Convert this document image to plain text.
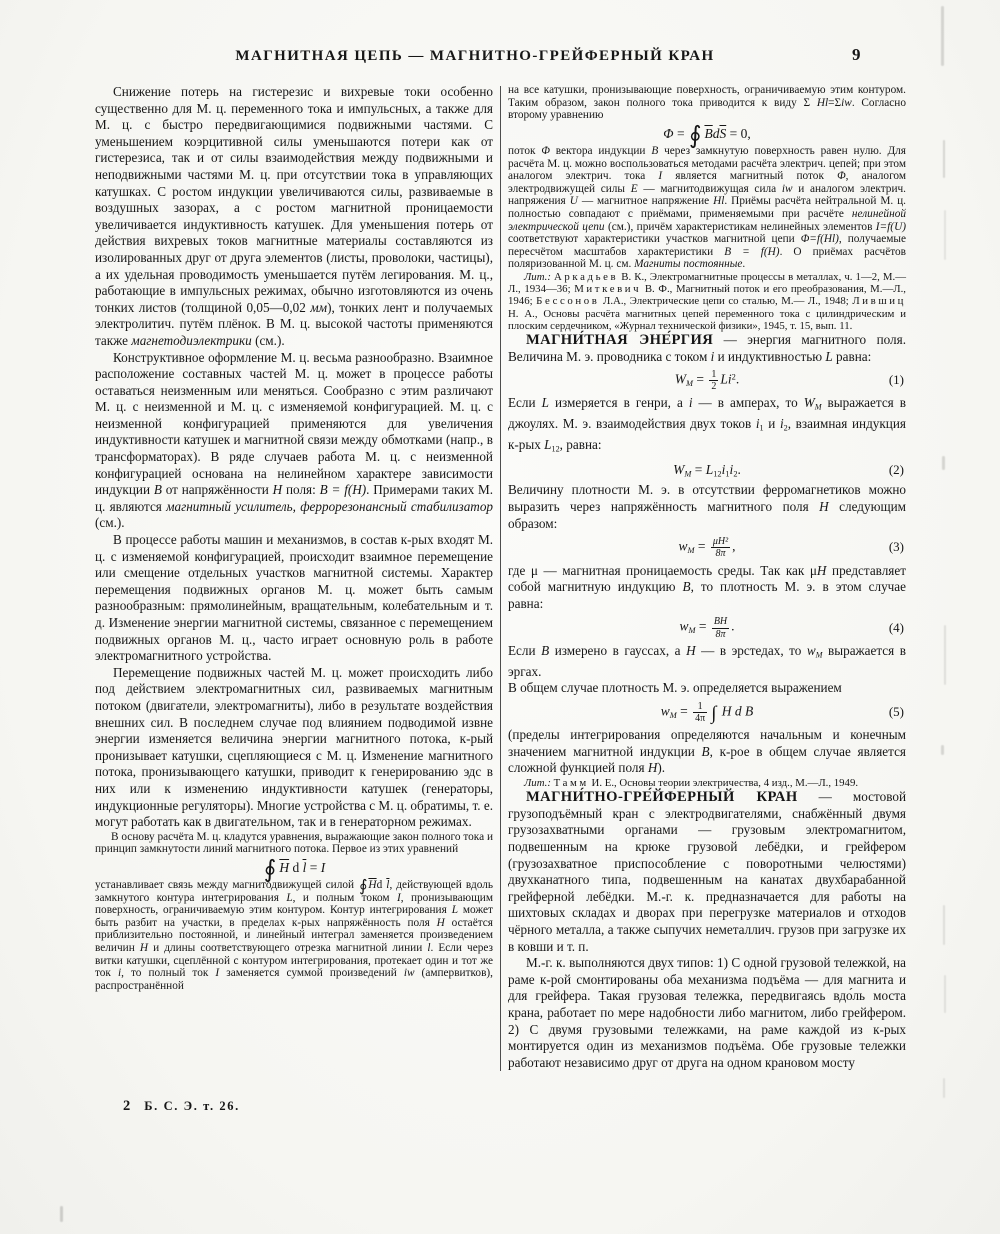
МАГНИТНАЯ ЦЕПЬ — МАГНИТНО-ГРЕЙФЕРНЫЙ КРАН	9
Снижение потерь на гистерезис и вихревые токи особенно существенно для М. ц. переменного тока и импульсных, а также для М. ц. с быстро передвигающимися подвижными частями. С уменьшением коэрцитивной силы уменьшаются потери как от гистерезиса, так и от силы взаимодействия между подвижными и неподвижными частями М. ц. при отсутствии тока в управляющих катушках. С ростом индукции увеличиваются силы, развиваемые в воздушных зазорах, а с ростом магнитной проницаемости увеличивается индуктивность катушек. Для уменьшения потерь от действия вихревых токов магнитные материалы составляются из изолированных друг от друга элементов (листы, проволоки, частицы), а их удельная проводимость уменьшается путём легирования. М. ц., работающие в импульсных режимах, обычно изготовляются из очень тонких листов (толщиной 0,05—0,02 мм), тонких лент и получаемых электролитич. путём плёнок. В М. ц. высокой частоты применяются также магнетодиэлектрики (см.).
Конструктивное оформление М. ц. весьма разнообразно. Взаимное расположение составных частей М. ц. может в процессе работы оставаться неизменным или меняться. Сообразно с этим различают М. ц. с неизменной и М. ц. с изменяемой конфигурацией. М. ц. с неизменной конфигурацией применяются для увеличения индуктивности катушек и магнитной связи между обмотками (напр., в трансформаторах). В ряде случаев работа М. ц. с неизменной конфигурацией основана на нелинейном характере зависимости индукции B от напряжённости H поля: B = f(H). Примерами таких М. ц. являются магнитный усилитель, феррорезонансный стабилизатор (см.).
В процессе работы машин и механизмов, в состав к-рых входят М. ц. с изменяемой конфигурацией, происходит взаимное перемещение или смещение отдельных участков магнитной системы. Характер перемещения подвижных органов М. ц. может быть самым разнообразным: прямолинейным, вращательным, колебательным и т. д. Изменение энергии магнитной системы, связанное с перемещением подвижных органов М. ц., часто играет основную роль в работе электромагнитного устройства.
Перемещение подвижных частей М. ц. может происходить либо под действием электромагнитных сил, развиваемых магнитным потоком (двигатели, электромагниты), либо в результате воздействия внешних сил. В последнем случае под влиянием подводимой извне энергии изменяется величина энергии магнитного потока, к-рый пронизывает катушки, сцепляющиеся с М. ц. Изменение магнитного потока, пронизывающего катушки, приводит к генерированию эдс в них или к изменению индуктивности катушек (генераторы, индукционные регуляторы). Многие устройства с М. ц. обратимы, т. е. могут работать как в двигательном, так и в генераторном режимах.
В основу расчёта М. ц. кладутся уравнения, выражающие закон полного тока и принцип замкнутости линий магнитного потока. Первое из этих уравнений
∮ $\overline{H}$ d $\overline{l} = I$
устанавливает связь между магнитодвижущей силой $∮\overline{H}d$ $\overline{l}$, действующей вдоль замкнутого контура интегрирования L, и полным током I, пронизывающим поверхность, ограничиваемую этим контуром. Контур интегрирования L может быть разбит на участки, в пределах к-рых напряжённость поля H остаётся приблизительно постоянной, и линейный интеграл заменяется произведением величин H и длины соответствующего отрезка магнитной линии l. Если через витки катушки, сцеплённой с контуром интегрирования, протекает один и тот же ток i, то полный ток I заменяется суммой произведений iw (ампервитков), распространённой
на все катушки, пронизывающие поверхность, ограничиваемую этим контуром. Таким образом, закон полного тока приводится к виду Σ Hl=Σiw. Согласно второму уравнению
Φ = ∮ $\overline{B}d\overline{S} = 0$,
поток Φ вектора индукции B через замкнутую поверхность равен нулю. Для расчёта М. ц. можно воспользоваться методами расчёта электрич. цепей; при этом аналогом электрич. тока I является магнитный поток Φ, аналогом электродвижущей силы E — магнитодвижущая сила iw и аналогом электрич. напряжения U — магнитное напряжение Hl. Приёмы расчёта нейтральной М. ц. полностью совпадают с приёмами, применяемыми при расчёте нелинейной электрической цепи (см.), причём характеристикам нелинейных элементов I=f(U) соответствуют характеристики участков магнитной цепи Φ=f(Hl), получаемые пересчётом масштабов характеристики B = f(H). О приёмах расчётов поляризованной М. ц. см. Магниты постоянные.
Лит.: Аркадьев В. К., Электромагнитные процессы в металлах, ч. 1—2, М.—Л., 1934—36; Миткевич В. Ф., Магнитный поток и его преобразования, М.—Л., 1946; Бессонов Л.А., Электрические цепи со сталью, М.— Л., 1948; Лившиц Н. А., Основы расчёта магнитных цепей переменного тока с цилиндрическим и плоским сердечником, «Журнал технической физики», 1945, т. 15, вып. 11.
МАГНИ́ТНАЯ ЭНЕ́РГИЯ — энергия магнитного поля. Величина М. э. проводника с током i и индуктивностью L равна:
$W_M = \frac{1}{2} Li^2$.	(1)
Если L измеряется в генри, а i — в амперах, то $W_M$ выражается в джоулях. М. э. взаимодействия двух токов $i_1$ и $i_2$, взаимная индукция к-рых $L_{12}$, равна:
$W_M = L_{12}i_1i_2$.	(2)
Величину плотности М. э. в отсутствии ферромагнетиков можно выразить через напряжённость магнитного поля H следующим образом:
$w_M = \frac{\text{μH²}}{8\pi}$ ,	(3)
где μ — магнитная проницаемость среды. Так как μH представляет собой магнитную индукцию B, то плотность М. э. в этом случае равна:
$w_M = \frac{BH}{8\pi}$ .	(4)
Если B измерено в гауссах, а H — в эрстедах, то $w_M$ выражается в эргах.
В общем случае плотность М. э. определяется выражением
$w_M = \frac{1}{4\pi}$ ∫ H d B	(5)
(пределы интегрирования определяются начальным и конечным значением магнитной индукции B, к-рое в общем случае является сложной функцией поля H).
Лит.: Тамм И. Е., Основы теории электричества, 4 изд., М.—Л., 1949.
МАГНИ́ТНО-ГРЕ́ЙФЕРНЫЙ КРАН — мостовой грузоподъёмный кран с электродвигателями, снабжённый двумя грузозахватными органами — грузовым электромагнитом, подвешенным на крюке грузовой лебёдки, и грейфером (грузозахватное приспособление с поворотными челюстями) двухканатного типа, подвешенным на канатах двухбарабанной грейферной лебёдки. М.-г. к. предназначается для работы на шихтовых складах и дворах при перегрузке материалов и отходов чёрного металла, а также сыпучих неметаллич. грузов при загрузке их в ковши и т. п.
М.-г. к. выполняются двух типов: 1) С одной грузовой тележкой, на раме к-рой смонтированы оба механизма подъёма — для магнита и для грейфера. Такая грузовая тележка, передвигаясь вдо́ль моста крана, работает по мере надобности либо магнитом, либо грейфером. 2) С двумя грузовыми тележками, на раме каждой из к-рых монтируется один из механизмов подъёма. Обе грузовые тележки работают независимо друг от друга на одном крановом мосту
2 Б. С. Э. т. 26.
